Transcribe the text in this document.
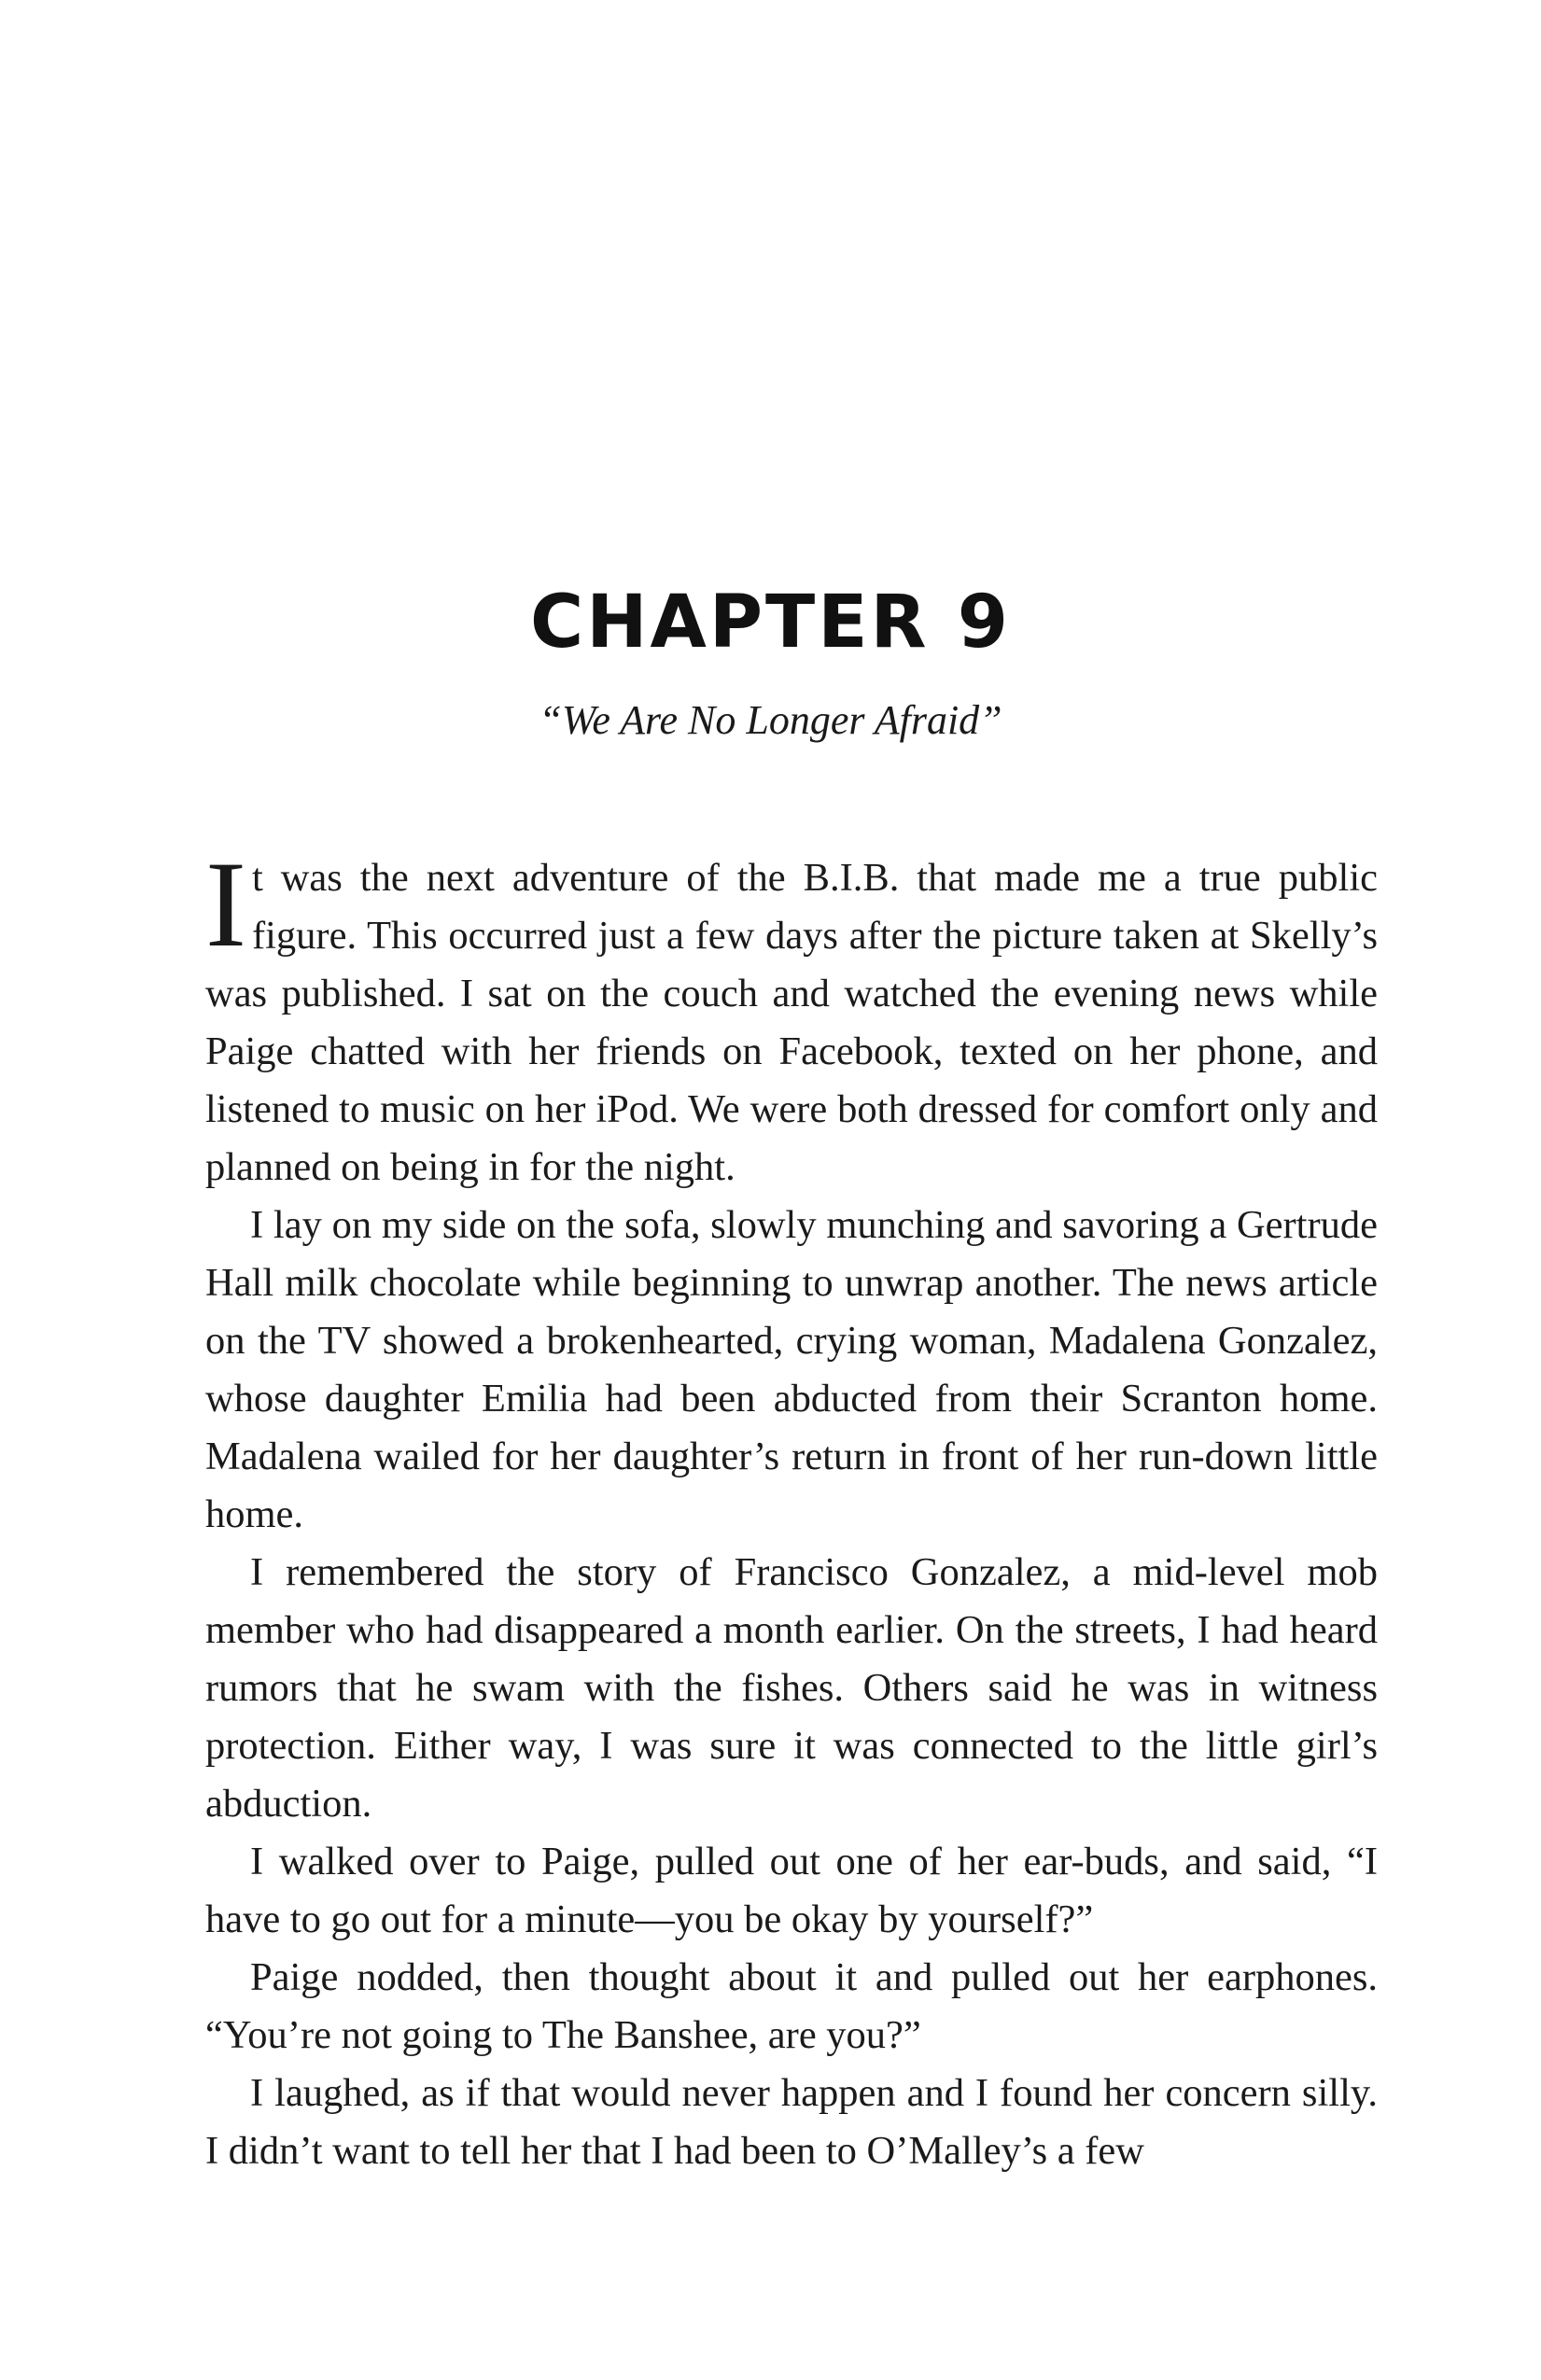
CHAPTER 9
“We Are No Longer Afraid”

It was the next adventure of the B.I.B. that made me a true public figure. This occurred just a few days after the picture taken at Skelly’s was published. I sat on the couch and watched the evening news while Paige chatted with her friends on Facebook, texted on her phone, and listened to music on her iPod. We were both dressed for comfort only and planned on being in for the night.

I lay on my side on the sofa, slowly munching and savoring a Gertrude Hall milk chocolate while beginning to unwrap another. The news article on the TV showed a brokenhearted, crying woman, Madalena Gonzalez, whose daughter Emilia had been abducted from their Scranton home. Madalena wailed for her daughter’s return in front of her run-down little home.

I remembered the story of Francisco Gonzalez, a mid-level mob member who had disappeared a month earlier. On the streets, I had heard rumors that he swam with the fishes. Others said he was in witness protection. Either way, I was sure it was connected to the little girl’s abduction.

I walked over to Paige, pulled out one of her ear-buds, and said, “I have to go out for a minute—you be okay by yourself?”

Paige nodded, then thought about it and pulled out her earphones. “You’re not going to The Banshee, are you?”

I laughed, as if that would never happen and I found her concern silly. I didn’t want to tell her that I had been to O’Malley’s a few
